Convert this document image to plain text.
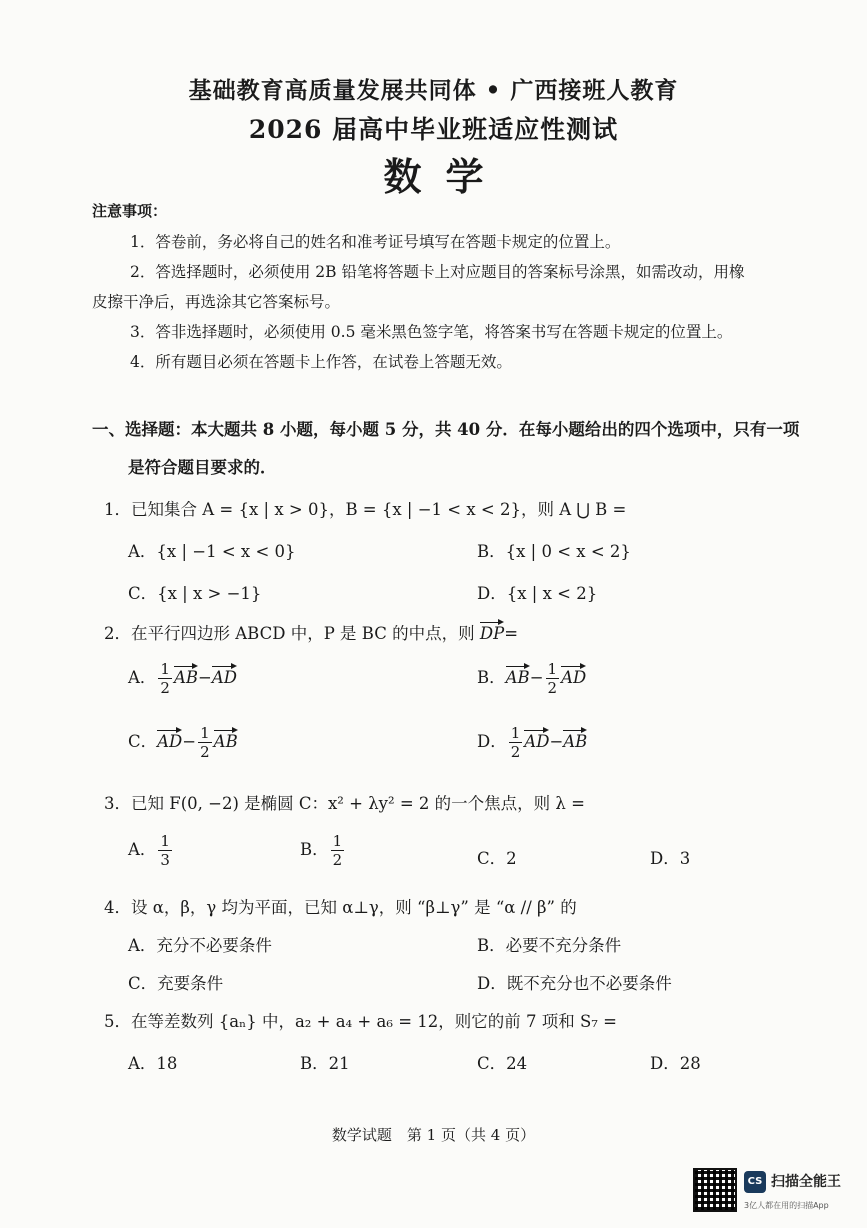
基础教育高质量发展共同体 • 广西接班人教育
2026 届高中毕业班适应性测试
数学
注意事项：
1．答卷前，务必将自己的姓名和准考证号填写在答题卡规定的位置上。
2．答选择题时，必须使用 2B 铅笔将答题卡上对应题目的答案标号涂黑，如需改动，用橡
皮擦干净后，再选涂其它答案标号。
3．答非选择题时，必须使用 0.5 毫米黑色签字笔，将答案书写在答题卡规定的位置上。
4．所有题目必须在答题卡上作答，在试卷上答题无效。
一、选择题：本大题共 8 小题，每小题 5 分，共 40 分．在每小题给出的四个选项中，只有一项
是符合题目要求的．
1．已知集合 A = {x | x > 0}，B = {x | −1 < x < 2}，则 A ⋃ B =
A．{x | −1 < x < 0}	B．{x | 0 < x < 2}
C．{x | x > −1}	D．{x | x < 2}
2．在平行四边形 ABCD 中，P 是 BC 的中点，则 DP=
A． $\frac{1}{2} AB-AD$	B．$AB- \frac{1}{2}$ AD
C．$AD- \frac{1}{2}$ AB	D． $\frac{1}{2} AD-AB$
3．已知 F(0, −2) 是椭圆 C：x² + λy² = 2 的一个焦点，则 λ =
A． $\frac{1}{3}$	B． $\frac{1}{2}$	C．2	D．3
4．设 α，β，γ 均为平面，已知 α⊥γ，则 “β⊥γ” 是 “α // β” 的
A．充分不必要条件	B．必要不充分条件
C．充要条件	D．既不充分也不必要条件
5．在等差数列 {aₙ} 中，a₂ + a₄ + a₆ = 12，则它的前 7 项和 S₇ =
A．18	B．21	C．24	D．28
数学试题　第 1 页（共 4 页）
CS 扫描全能王
3亿人都在用的扫描App
